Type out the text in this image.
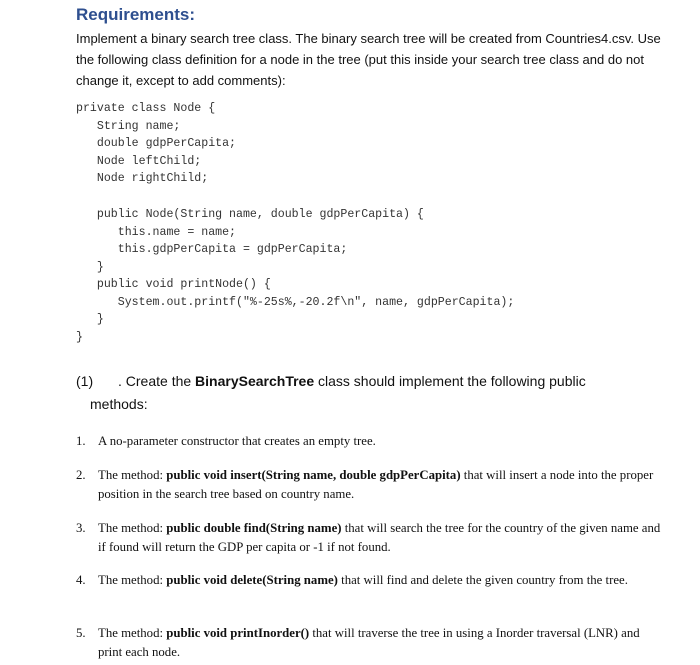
Requirements:
Implement a binary search tree class. The binary search tree will be created from Countries4.csv. Use the following class definition for a node in the tree (put this inside your search tree class and do not change it, except to add comments):
private class Node {
String name;
double gdpPerCapita;
Node leftChild;
Node rightChild;
public Node(String name, double gdpPerCapita) {
this.name = name;
this.gdpPerCapita = gdpPerCapita;
}
public void printNode() {
System.out.printf("%-25s%,-20.2f\n", name, gdpPerCapita);
}
}
(1) . Create the BinarySearchTree class should implement the following public
methods:
1. A no-parameter constructor that creates an empty tree.
2. The method: public void insert(String name, double gdpPerCapita) that will insert a node into the proper position in the search tree based on country name.
3. The method: public double find(String name) that will search the tree for the country of the given name and if found will return the GDP per capita or -1 if not found.
4. The method: public void delete(String name) that will find and delete the given country from the tree.
5. The method: public void printInorder() that will traverse the tree in using a Inorder traversal (LNR) and print each node.
